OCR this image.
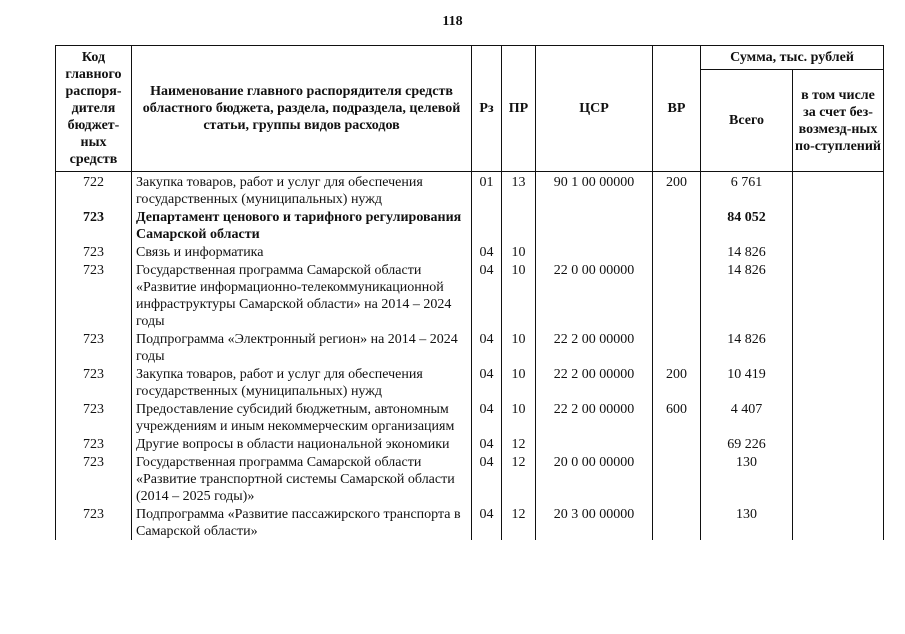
118
Код главного распоря-дителя бюджет-ных средств	Наименование главного распорядителя средств областного бюджета, раздела, подраздела, целевой статьи, группы видов расходов	Рз	ПР	ЦСР	ВР	Сумма, тыс. рублей	
						Всего	в том числе за счет без-возмезд-ных по-ступлений
722	Закупка товаров, работ и услуг для обеспечения государственных (муниципальных) нужд	01	13	90 1 00 00000	200	6 761	
723	Департамент ценового и тарифного регулирования Самарской области					84 052	
723	Связь и информатика	04	10			14 826	
723	Государственная программа Самарской области «Развитие информационно-телекоммуникационной инфраструктуры Самарской области» на 2014 – 2024 годы	04	10	22 0 00 00000		14 826	
723	Подпрограмма «Электронный регион» на 2014 – 2024 годы	04	10	22 2 00 00000		14 826	
723	Закупка товаров, работ и услуг для обеспечения государственных (муниципальных) нужд	04	10	22 2 00 00000	200	10 419	
723	Предоставление субсидий бюджетным, автономным учреждениям и иным некоммерческим организациям	04	10	22 2 00 00000	600	4 407	
723	Другие вопросы в области национальной экономики	04	12			69 226	
723	Государственная программа Самарской области «Развитие транспортной системы Самарской области (2014 – 2025 годы)»	04	12	20 0 00 00000		130	
723	Подпрограмма «Развитие пассажирского транспорта в Самарской области»	04	12	20 3 00 00000		130	
